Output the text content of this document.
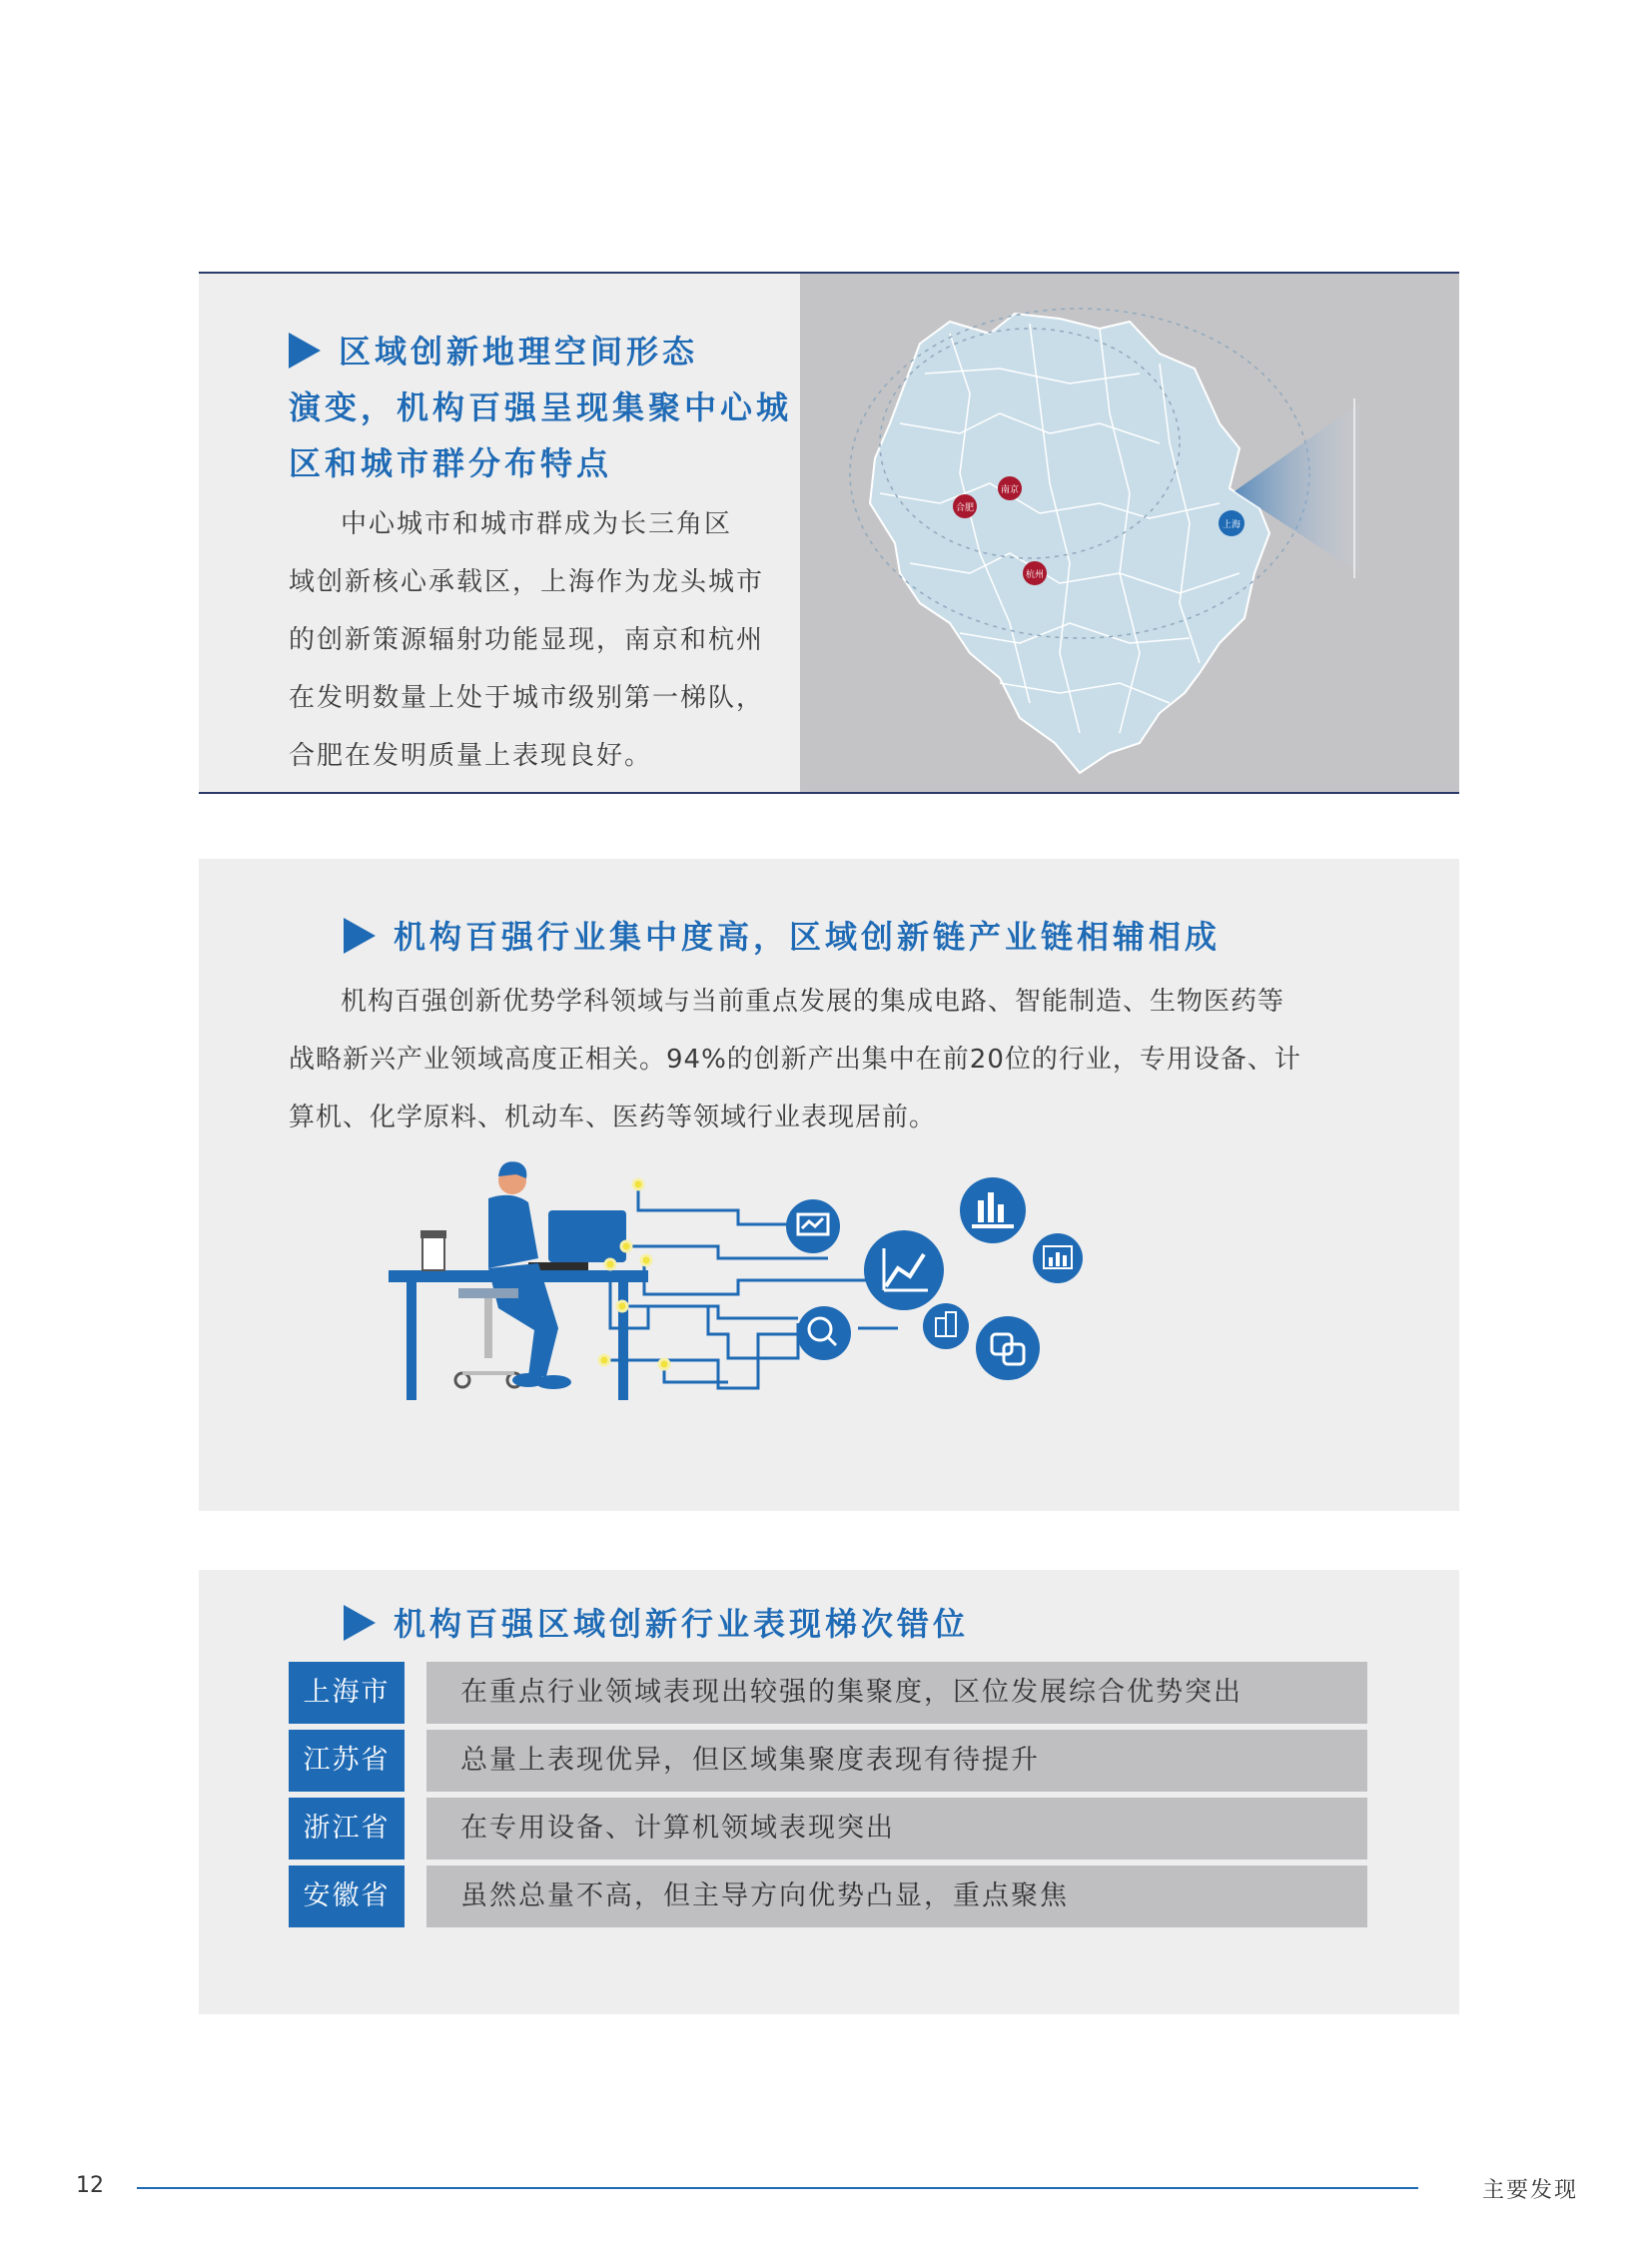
区域创新地理空间形态
演变，机构百强呈现集聚中心城
区和城市群分布特点
中心城市和城市群成为长三角区
域创新核心承载区，上海作为龙头城市
的创新策源辐射功能显现，南京和杭州
在发明数量上处于城市级别第一梯队，
合肥在发明质量上表现良好。
合肥
南京
杭州
上海
机构百强行业集中度高，区域创新链产业链相辅相成
机构百强创新优势学科领域与当前重点发展的集成电路、智能制造、生物医药等
战略新兴产业领域高度正相关。94%的创新产出集中在前20位的行业，专用设备、计
算机、化学原料、机动车、医药等领域行业表现居前。
机构百强区域创新行业表现梯次错位
上海市	在重点行业领域表现出较强的集聚度，区位发展综合优势突出
江苏省	总量上表现优异，但区域集聚度表现有待提升
浙江省	在专用设备、计算机领域表现突出
安徽省	虽然总量不高，但主导方向优势凸显，重点聚焦
12	主要发现
